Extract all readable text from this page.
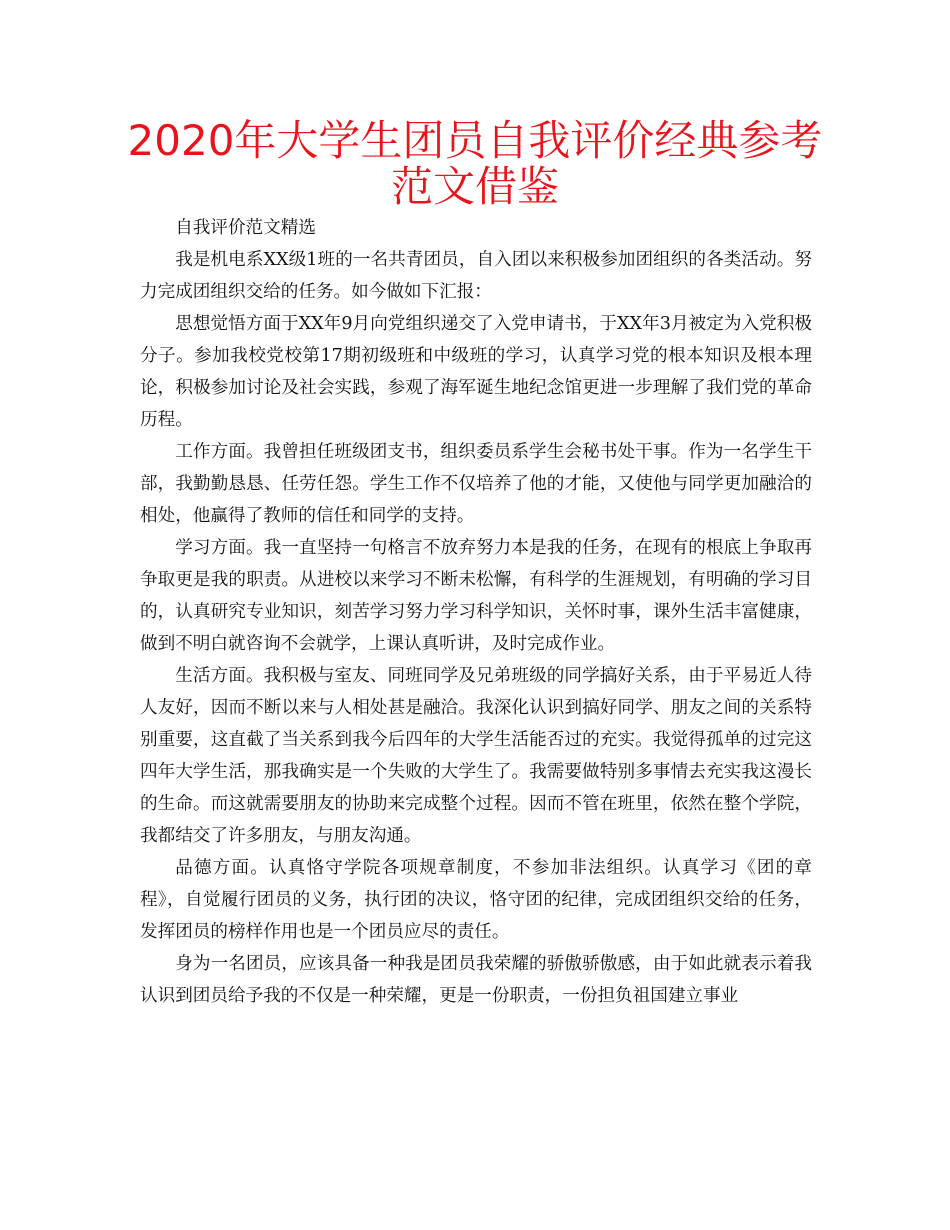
2020年大学生团员自我评价经典参考范文借鉴

自我评价范文精选

我是机电系XX级1班的一名共青团员，自入团以来积极参加团组织的各类活动。努力完成团组织交给的任务。如今做如下汇报：

思想觉悟方面于XX年9月向党组织递交了入党申请书，于XX年3月被定为入党积极分子。参加我校党校第17期初级班和中级班的学习，认真学习党的根本知识及根本理论，积极参加讨论及社会实践，参观了海军诞生地纪念馆更进一步理解了我们党的革命历程。

工作方面。我曾担任班级团支书，组织委员系学生会秘书处干事。作为一名学生干部，我勤勤恳恳、任劳任怨。学生工作不仅培养了他的才能，又使他与同学更加融洽的相处，他赢得了教师的信任和同学的支持。

学习方面。我一直坚持一句格言不放弃努力本是我的任务，在现有的根底上争取再争取更是我的职责。从进校以来学习不断未松懈，有科学的生涯规划，有明确的学习目的，认真研究专业知识，刻苦学习努力学习科学知识，关怀时事，课外生活丰富健康，做到不明白就咨询不会就学，上课认真听讲，及时完成作业。

生活方面。我积极与室友、同班同学及兄弟班级的同学搞好关系，由于平易近人待人友好，因而不断以来与人相处甚是融洽。我深化认识到搞好同学、朋友之间的关系特别重要，这直截了当关系到我今后四年的大学生活能否过的充实。我觉得孤单的过完这四年大学生活，那我确实是一个失败的大学生了。我需要做特别多事情去充实我这漫长的生命。而这就需要朋友的协助来完成整个过程。因而不管在班里，依然在整个学院，我都结交了许多朋友，与朋友沟通。

品德方面。认真恪守学院各项规章制度，不参加非法组织。认真学习《团的章程》，自觉履行团员的义务，执行团的决议，恪守团的纪律，完成团组织交给的任务，发挥团员的榜样作用也是一个团员应尽的责任。

身为一名团员，应该具备一种我是团员我荣耀的骄傲骄傲感，由于如此就表示着我认识到团员给予我的不仅是一种荣耀，更是一份职责，一份担负祖国建立事业
